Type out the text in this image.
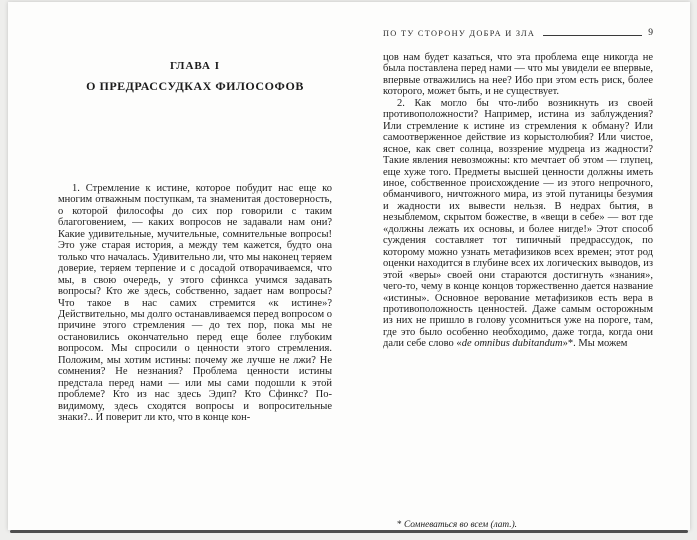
ГЛАВА I
О ПРЕДРАССУДКАХ ФИЛОСОФОВ

1. Стремление к истине, которое побудит нас еще ко многим отважным поступкам, та знаменитая достоверность, о которой философы до сих пор говорили с таким благоговением, — каких вопросов не задавали нам они? Какие удивительные, мучительные, сомнительные вопросы! Это уже старая история, а между тем кажется, будто она только что началась. Удивительно ли, что мы наконец теряем доверие, теряем терпение и с досадой отворачиваемся, что мы, в свою очередь, у этого сфинкса учимся задавать вопросы? Кто же здесь, собственно, задает нам вопросы? Что такое в нас самих стремится «к истине»? Действительно, мы долго останавливаемся перед вопросом о причине этого стремления — до тех пор, пока мы не остановились окончательно перед еще более глубоким вопросом. Мы спросили о ценности этого стремления. Положим, мы хотим истины: почему же лучше не лжи? Не сомнения? Не незнания? Проблема ценности истины предстала перед нами — или мы сами подошли к этой проблеме? Кто из нас здесь Эдип? Кто Сфинкс? По-видимому, здесь сходятся вопросы и вопросительные знаки?.. И поверит ли кто, что в конце кон-

ПО ТУ СТОРОНУ ДОБРА И ЗЛА	9

цов нам будет казаться, что эта проблема еще никогда не была поставлена перед нами — что мы увидели ее впервые, впервые отважились на нее? Ибо при этом есть риск, более которого, может быть, и не существует.

2. Как могло бы что-либо возникнуть из своей противоположности? Например, истина из заблуждения? Или стремление к истине из стремления к обману? Или самоотверженное действие из корыстолюбия? Или чистое, ясное, как свет солнца, воззрение мудреца из жадности? Такие явления невозможны: кто мечтает об этом — глупец, еще хуже того. Предметы высшей ценности должны иметь иное, собственное происхождение — из этого непрочного, обманчивого, ничтожного мира, из этой путаницы безумия и жадности их вывести нельзя. В недрах бытия, в незыблемом, скрытом божестве, в «вещи в себе» — вот где «должны лежать их основы, и более нигде!» Этот способ суждения составляет тот типичный предрассудок, по которому можно узнать метафизиков всех времен; этот род оценки находится в глубине всех их логических выводов, из этой «веры» своей они стараются достигнуть «знания», чего-то, чему в конце концов торжественно дается название «истины». Основное верование метафизиков есть вера в противоположность ценностей. Даже самым осторожным из них не пришло в голову усомниться уже на пороге, там, где это было особенно необходимо, даже тогда, когда они дали себе слово «de omnibus dubitandum»*. Мы можем

* Сомневаться во всем (лат.).
